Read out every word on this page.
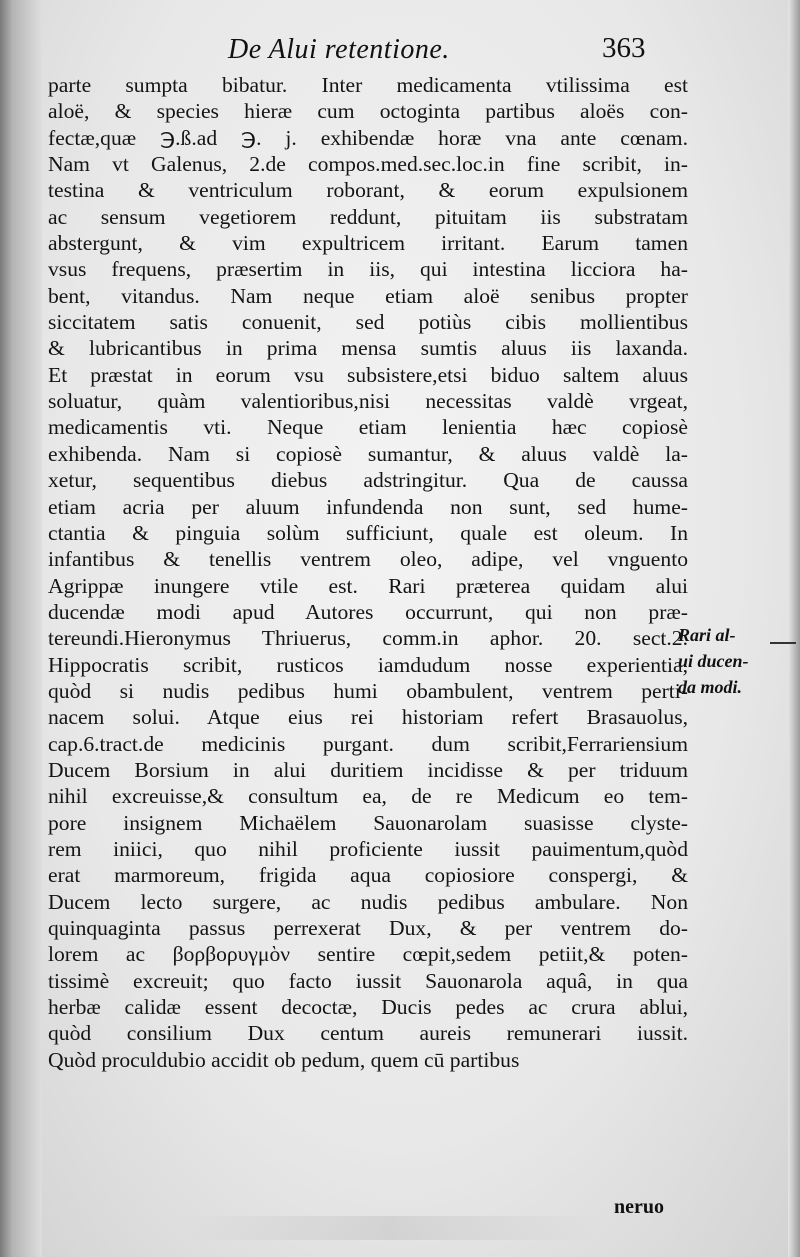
De Alui retentione.	363
parte sumpta bibatur. Inter medicamenta vtilissima est
aloë, & species hieræ cum octoginta partibus aloës con-
fectæ,quæ ℈.ß.ad ℈. j. exhibendæ horæ vna ante cœnam.
Nam vt Galenus, 2.de compos.med.sec.loc.in fine scribit, in-
testina & ventriculum roborant, & eorum expulsionem
ac sensum vegetiorem reddunt, pituitam iis substratam
abstergunt, & vim expultricem irritant. Earum tamen
vsus frequens, præsertim in iis, qui intestina licciora ha-
bent, vitandus. Nam neque etiam aloë senibus propter
siccitatem satis conuenit, sed potiùs cibis mollientibus
& lubricantibus in prima mensa sumtis aluus iis laxanda.
Et præstat in eorum vsu subsistere,etsi biduo saltem aluus
soluatur, quàm valentioribus,nisi necessitas valdè vrgeat,
medicamentis vti. Neque etiam lenientia hæc copiosè
exhibenda. Nam si copiosè sumantur, & aluus valdè la-
xetur, sequentibus diebus adstringitur. Qua de caussa
etiam acria per aluum infundenda non sunt, sed hume-
ctantia & pinguia solùm sufficiunt, quale est oleum. In
infantibus & tenellis ventrem oleo, adipe, vel vnguento
Agrippæ inungere vtile est. Rari præterea quidam alui
ducendæ modi apud Autores occurrunt, qui non præ-
tereundi.Hieronymus Thriuerus, comm.in aphor. 20. sect.2.
Hippocratis scribit, rusticos iamdudum nosse experientia,
quòd si nudis pedibus humi obambulent, ventrem perti-
nacem solui. Atque eius rei historiam refert Brasauolus,
cap.6.tract.de medicinis purgant. dum scribit,Ferrariensium
Ducem Borsium in alui duritiem incidisse & per triduum
nihil excreuisse,& consultum ea, de re Medicum eo tem-
pore insignem Michaëlem Sauonarolam suasisse clyste-
rem iniici, quo nihil proficiente iussit pauimentum,quòd
erat marmoreum, frigida aqua copiosiore conspergi, &
Ducem lecto surgere, ac nudis pedibus ambulare. Non
quinquaginta passus perrexerat Dux, & per ventrem do-
lorem ac βορβορυγμὸν sentire cœpit,sedem petiit,& poten-
tissimè excreuit; quo facto iussit Sauonarola aquâ, in qua
herbæ calidæ essent decoctæ, Ducis pedes ac crura ablui,
quòd consilium Dux centum aureis remunerari iussit.
Quòd proculdubio accidit ob pedum, quem cū partibus
Rari al-
ui ducen-
da modi.
neruo
